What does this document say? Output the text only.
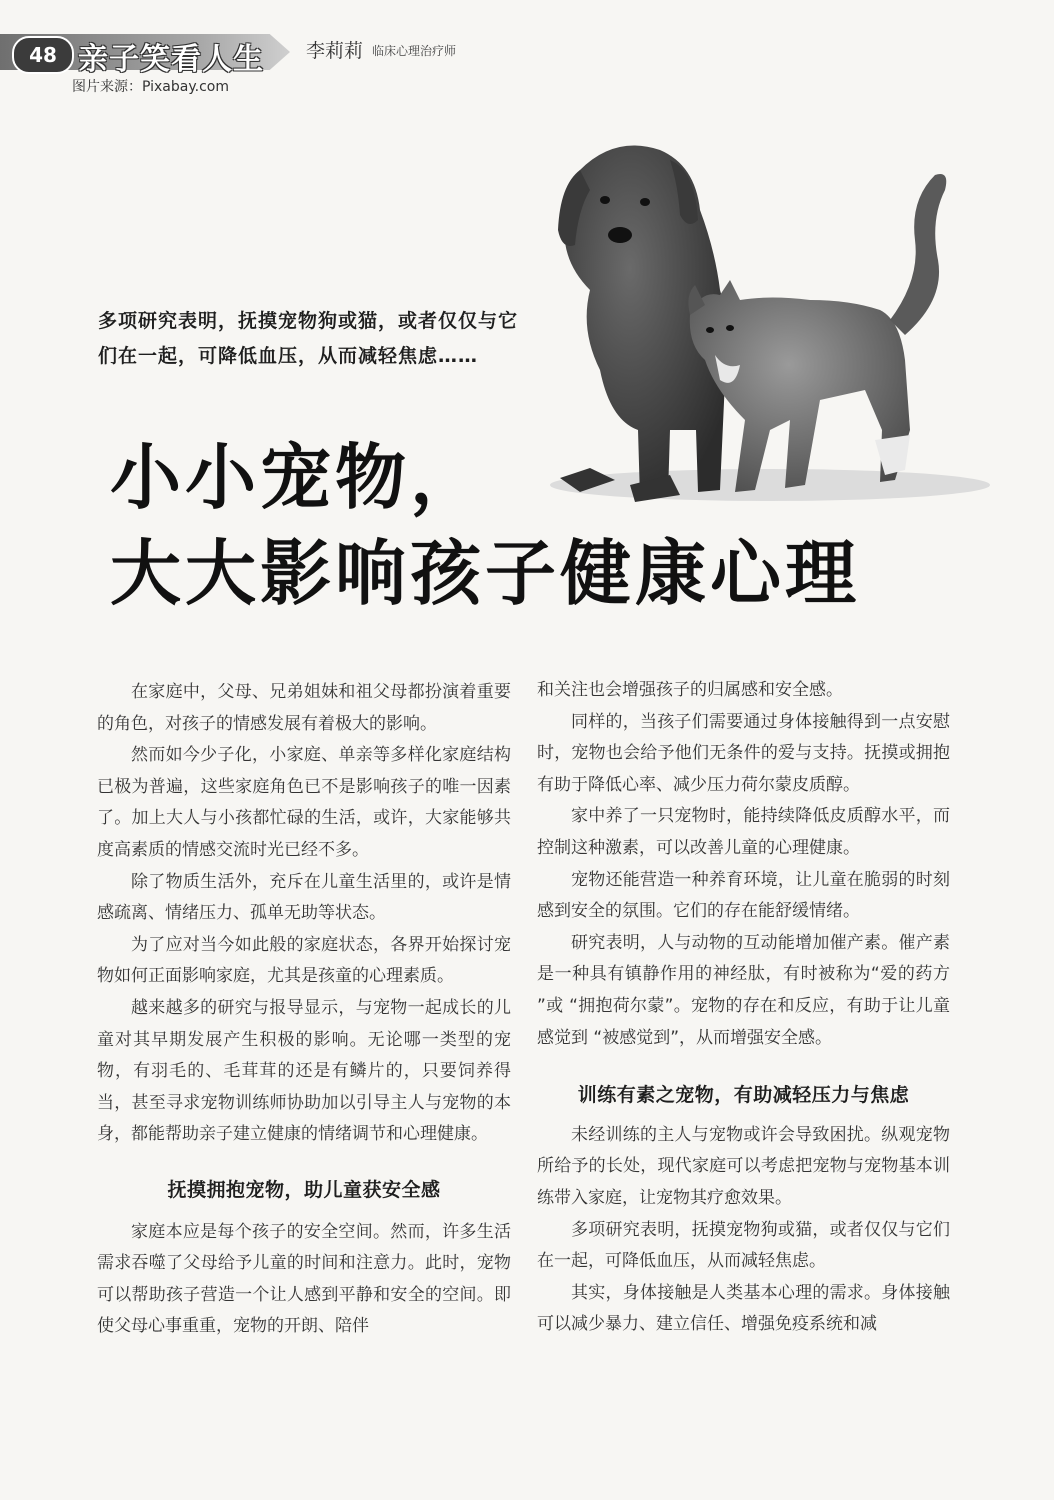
48 亲子笑看人生 李莉莉 临床心理治疗师
图片来源：Pixabay.com
多项研究表明，抚摸宠物狗或猫，或者仅仅与它们在一起，可降低血压，从而减轻焦虑……
小小宠物，
大大影响孩子健康心理

在家庭中，父母、兄弟姐妹和祖父母都扮演着重要的角色，对孩子的情感发展有着极大的影响。

然而如今少子化，小家庭、单亲等多样化家庭结构已极为普遍，这些家庭角色已不是影响孩子的唯一因素了。加上大人与小孩都忙碌的生活，或许，大家能够共度高素质的情感交流时光已经不多。

除了物质生活外，充斥在儿童生活里的，或许是情感疏离、情绪压力、孤单无助等状态。

为了应对当今如此般的家庭状态，各界开始探讨宠物如何正面影响家庭，尤其是孩童的心理素质。

越来越多的研究与报导显示，与宠物一起成长的儿童对其早期发展产生积极的影响。无论哪一类型的宠物，有羽毛的、毛茸茸的还是有鳞片的，只要饲养得当，甚至寻求宠物训练师协助加以引导主人与宠物的本身，都能帮助亲子建立健康的情绪调节和心理健康。

抚摸拥抱宠物，助儿童获安全感

家庭本应是每个孩子的安全空间。然而，许多生活需求吞噬了父母给予儿童的时间和注意力。此时，宠物可以帮助孩子营造一个让人感到平静和安全的空间。即使父母心事重重，宠物的开朗、陪伴

和关注也会增强孩子的归属感和安全感。

同样的，当孩子们需要通过身体接触得到一点安慰时，宠物也会给予他们无条件的爱与支持。抚摸或拥抱有助于降低心率、减少压力荷尔蒙皮质醇。

家中养了一只宠物时，能持续降低皮质醇水平，而控制这种激素，可以改善儿童的心理健康。

宠物还能营造一种养育环境，让儿童在脆弱的时刻感到安全的氛围。它们的存在能舒缓情绪。

研究表明，人与动物的互动能增加催产素。催产素是一种具有镇静作用的神经肽，有时被称为“爱的药方 ”或 “拥抱荷尔蒙”。宠物的存在和反应，有助于让儿童感觉到 “被感觉到”，从而增强安全感。

训练有素之宠物，有助减轻压力与焦虑

未经训练的主人与宠物或许会导致困扰。纵观宠物所给予的长处，现代家庭可以考虑把宠物与宠物基本训练带入家庭，让宠物其疗愈效果。

多项研究表明，抚摸宠物狗或猫，或者仅仅与它们在一起，可降低血压，从而减轻焦虑。

其实，身体接触是人类基本心理的需求。身体接触可以减少暴力、建立信任、增强免疫系统和减
